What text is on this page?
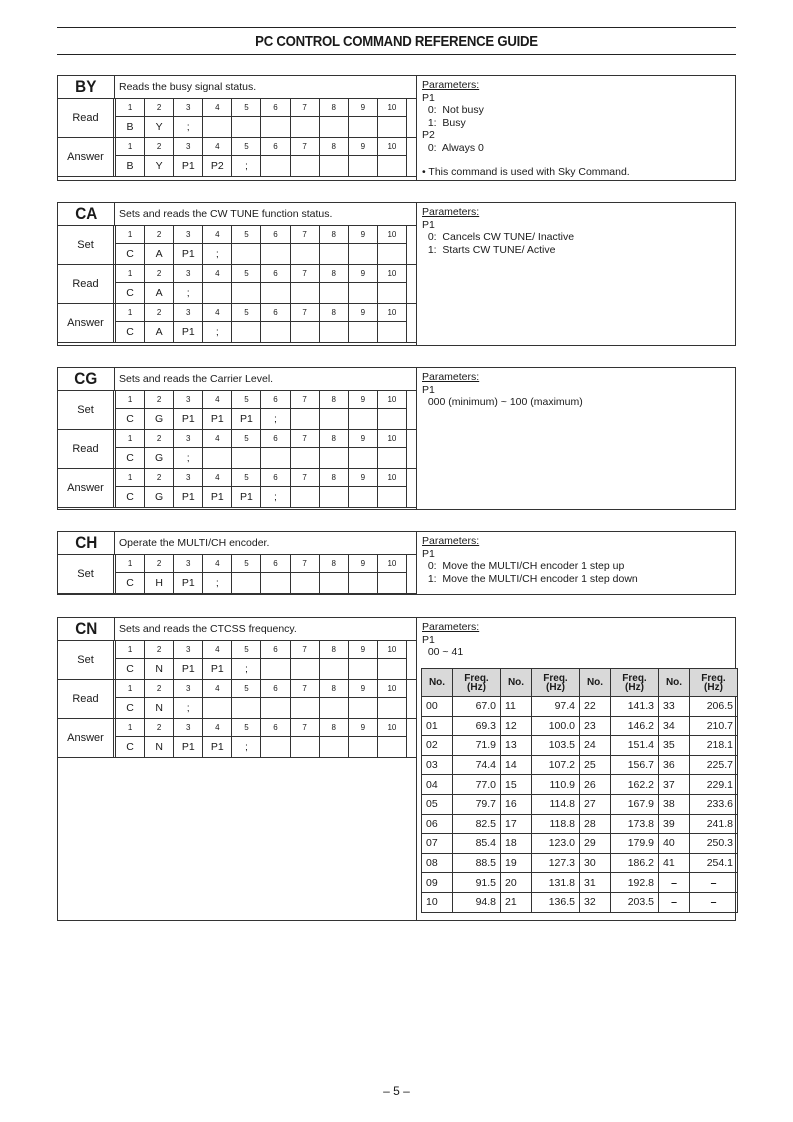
PC CONTROL COMMAND REFERENCE GUIDE
BY	Reads the busy signal status.
Read
1	2	3	4	5	6	7	8	9	10
B	Y	;							
Answer
1	2	3	4	5	6	7	8	9	10
B	Y	P1	P2	;					
Parameters:
P1
0:  Not busy
1:  Busy
P2
0:  Always 0
• This command is used with Sky Command.
CA	Sets and reads the CW TUNE function status.
Set
1	2	3	4	5	6	7	8	9	10
C	A	P1	;						
Read
1	2	3	4	5	6	7	8	9	10
C	A	;							
Answer
1	2	3	4	5	6	7	8	9	10
C	A	P1	;						
Parameters:
P1
0:  Cancels CW TUNE/ Inactive
1:  Starts CW TUNE/ Active
CG	Sets and reads the Carrier Level.
Set
1	2	3	4	5	6	7	8	9	10
C	G	P1	P1	P1	;				
Read
1	2	3	4	5	6	7	8	9	10
C	G	;							
Answer
1	2	3	4	5	6	7	8	9	10
C	G	P1	P1	P1	;				
Parameters:
P1
000 (minimum) ~ 100 (maximum)
CH	Operate the MULTI/CH encoder.
Set
1	2	3	4	5	6	7	8	9	10
C	H	P1	;						
Parameters:
P1
0:  Move the MULTI/CH encoder 1 step up
1:  Move the MULTI/CH encoder 1 step down
CN	Sets and reads the CTCSS frequency.
Set
1	2	3	4	5	6	7	8	9	10
C	N	P1	P1	;					
Read
1	2	3	4	5	6	7	8	9	10
C	N	;							
Answer
1	2	3	4	5	6	7	8	9	10
C	N	P1	P1	;					
Parameters:
P1
00 ~ 41
No.	Freq.
(Hz)	No.	Freq.
(Hz)	No.	Freq.
(Hz)	No.	Freq.
(Hz)
00	67.0	11	97.4	22	141.3	33	206.5
01	69.3	12	100.0	23	146.2	34	210.7
02	71.9	13	103.5	24	151.4	35	218.1
03	74.4	14	107.2	25	156.7	36	225.7
04	77.0	15	110.9	26	162.2	37	229.1
05	79.7	16	114.8	27	167.9	38	233.6
06	82.5	17	118.8	28	173.8	39	241.8
07	85.4	18	123.0	29	179.9	40	250.3
08	88.5	19	127.3	30	186.2	41	254.1
09	91.5	20	131.8	31	192.8	–	–
10	94.8	21	136.5	32	203.5	–	–
– 5 –
